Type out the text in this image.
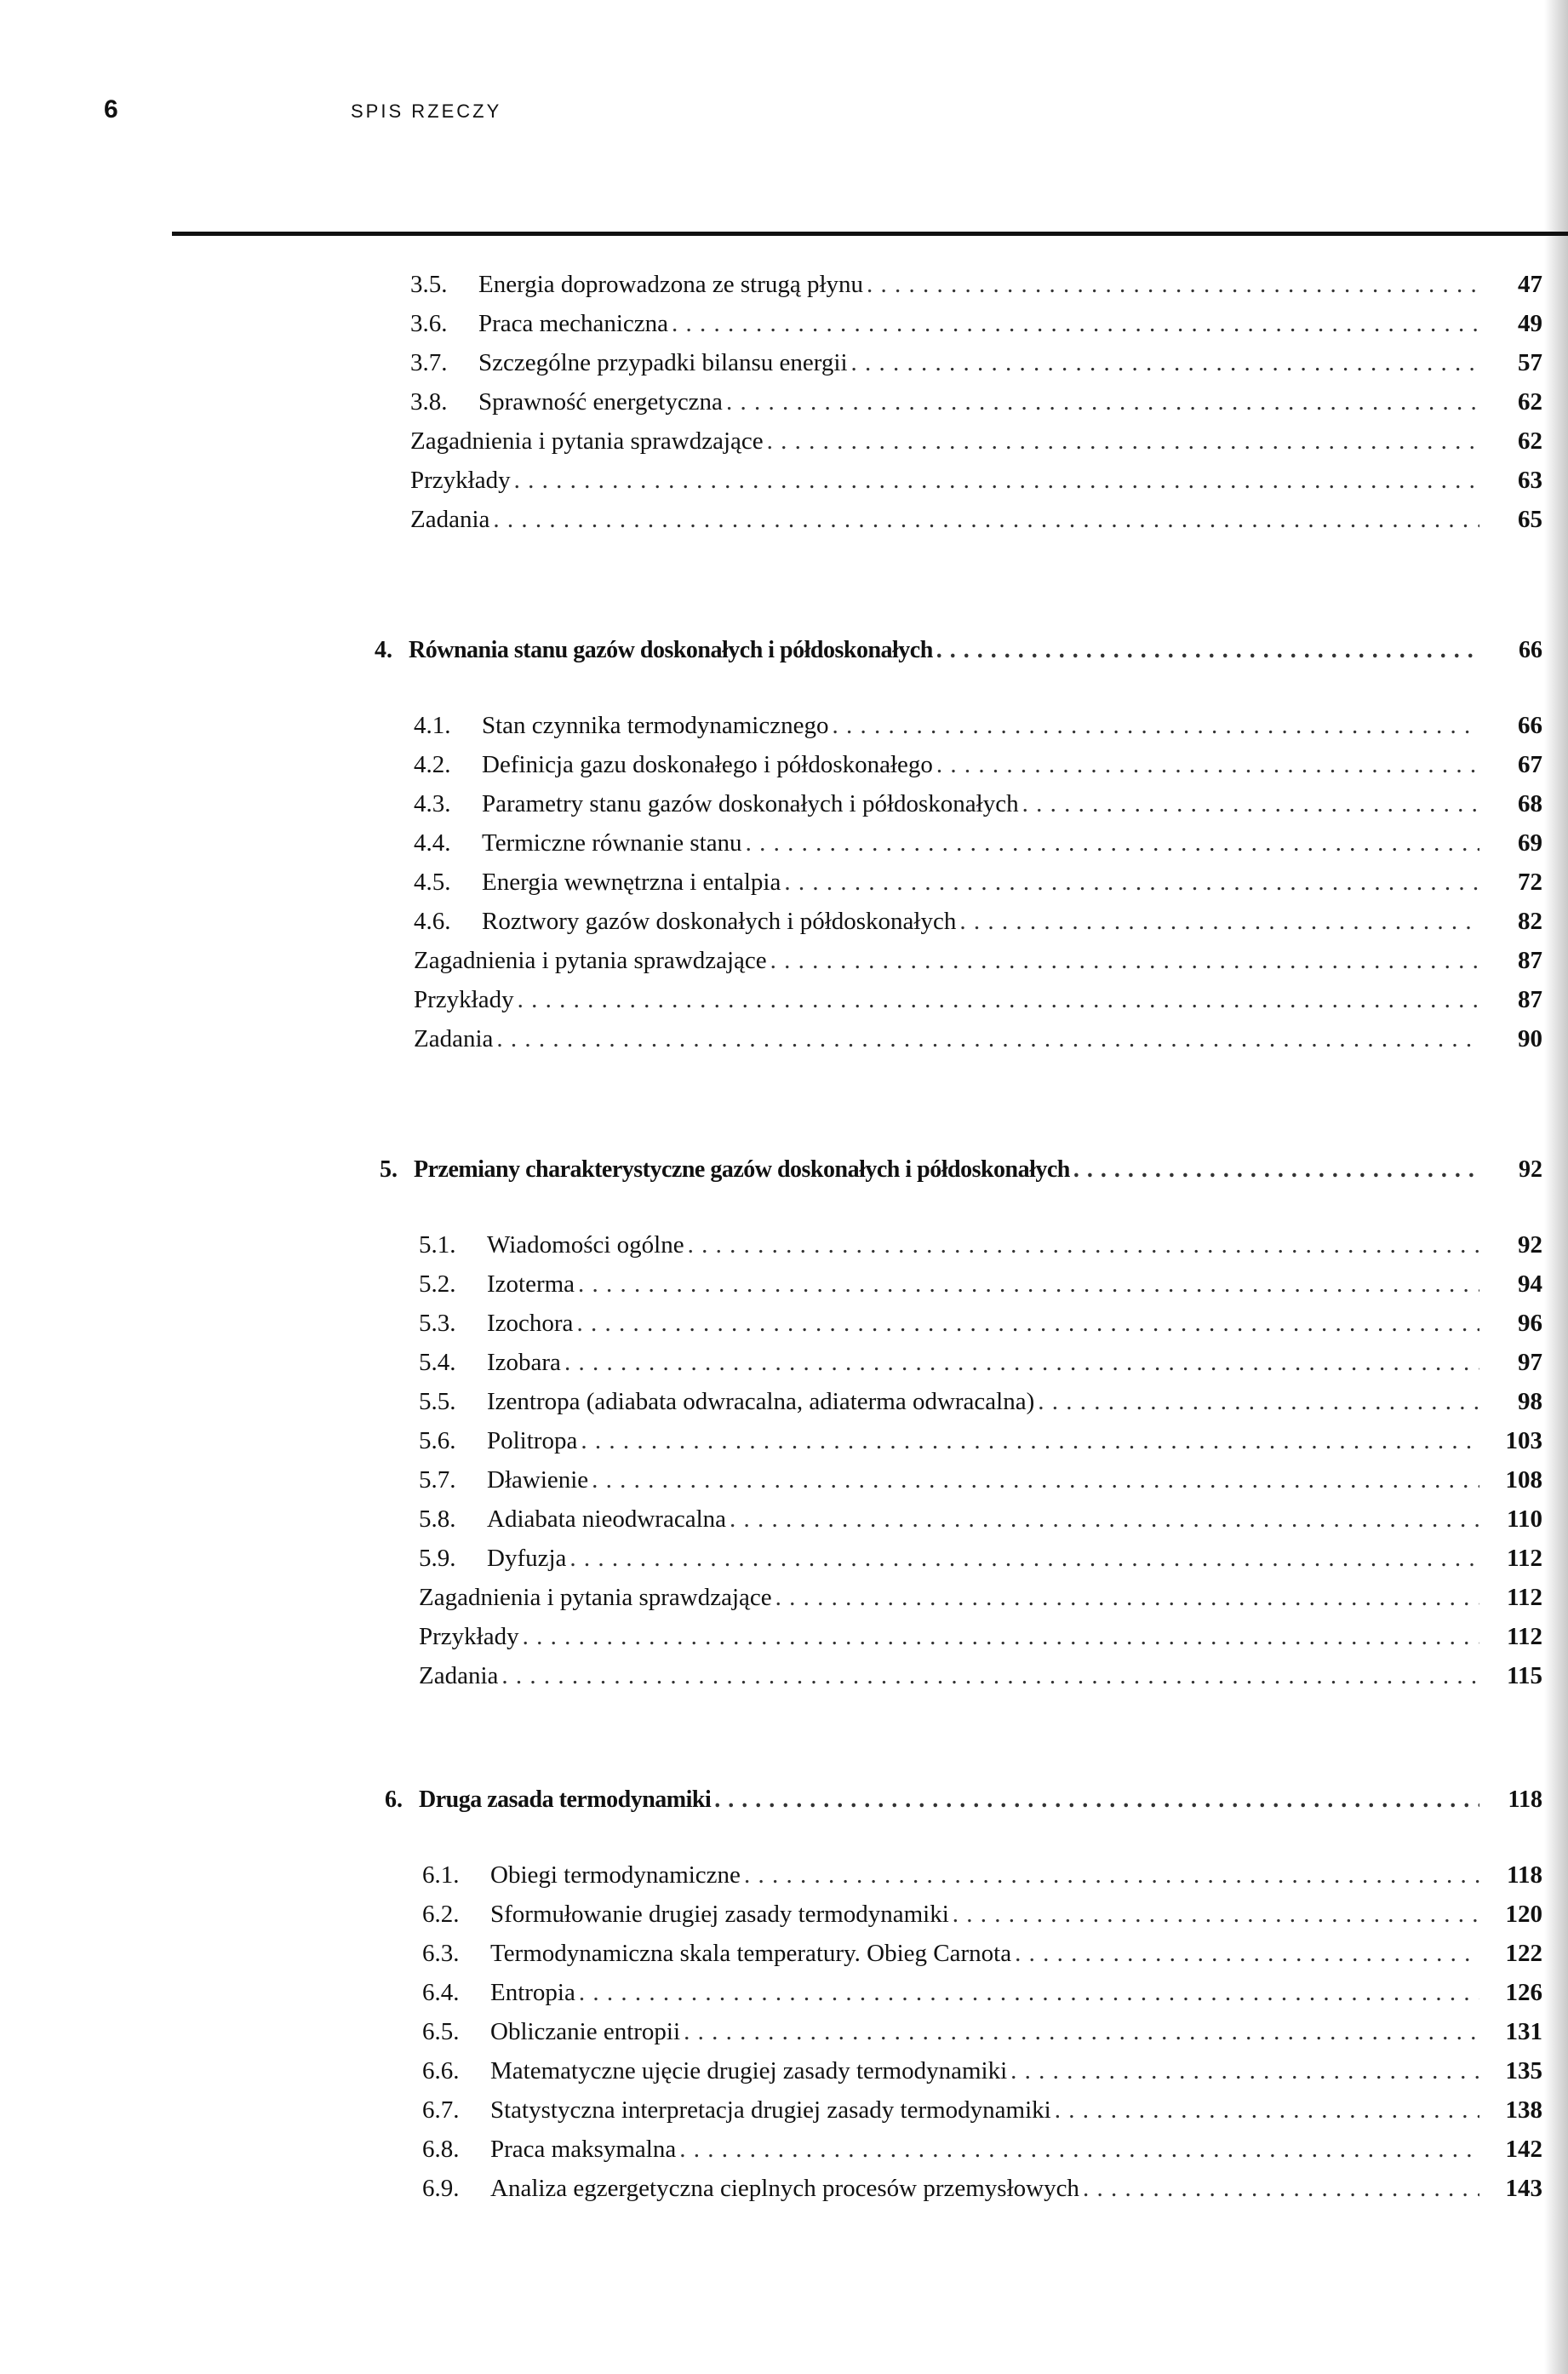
6	SPIS RZECZY
3.5.	Energia doprowadzona ze strugą płynu . . .	47
3.6.	Praca mechaniczna . . .	49
3.7.	Szczególne przypadki bilansu energii . . .	57
3.8.	Sprawność energetyczna . . .	62
Zagadnienia i pytania sprawdzające . . .	62
Przykłady . . .	63
Zadania . . .	65
4. Równania stanu gazów doskonałych i półdoskonałych . . .	66
4.1.	Stan czynnika termodynamicznego . . .	66
4.2.	Definicja gazu doskonałego i półdoskonałego . . .	67
4.3.	Parametry stanu gazów doskonałych i półdoskonałych . . .	68
4.4.	Termiczne równanie stanu . . .	69
4.5.	Energia wewnętrzna i entalpia . . .	72
4.6.	Roztwory gazów doskonałych i półdoskonałych . . .	82
Zagadnienia i pytania sprawdzające . . .	87
Przykłady . . .	87
Zadania . . .	90
5. Przemiany charakterystyczne gazów doskonałych i półdoskonałych . . .	92
5.1.	Wiadomości ogólne . . .	92
5.2.	Izoterma . . .	94
5.3.	Izochora . . .	96
5.4.	Izobara . . .	97
5.5.	Izentropa (adiabata odwracalna, adiaterma odwracalna) . . .	98
5.6.	Politropa . . .	103
5.7.	Dławienie . . .	108
5.8.	Adiabata nieodwracalna . . .	110
5.9.	Dyfuzja . . .	112
Zagadnienia i pytania sprawdzające . . .	112
Przykłady . . .	112
Zadania . . .	115
6. Druga zasada termodynamiki . . .	118
6.1.	Obiegi termodynamiczne . . .	118
6.2.	Sformułowanie drugiej zasady termodynamiki . . .	120
6.3.	Termodynamiczna skala temperatury. Obieg Carnota . . .	122
6.4.	Entropia . . .	126
6.5.	Obliczanie entropii . . .	131
6.6.	Matematyczne ujęcie drugiej zasady termodynamiki . . .	135
6.7.	Statystyczna interpretacja drugiej zasady termodynamiki . . .	138
6.8.	Praca maksymalna . . .	142
6.9.	Analiza egzergetyczna cieplnych procesów przemysłowych . . .	143
